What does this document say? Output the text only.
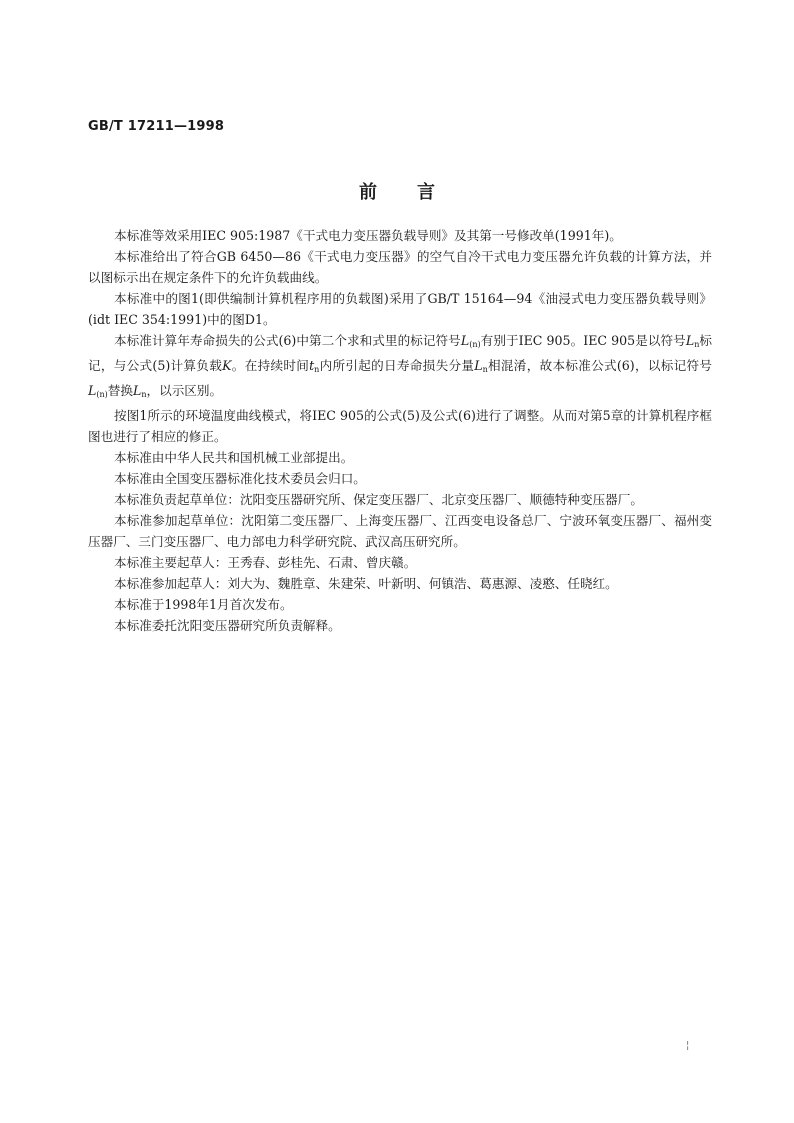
GB/T 17211—1998
前 言

本标准等效采用IEC 905:1987《干式电力变压器负载导则》及其第一号修改单(1991年)。

本标准给出了符合GB 6450—86《干式电力变压器》的空气自冷干式电力变压器允许负载的计算方法，并以图标示出在规定条件下的允许负载曲线。

本标准中的图1(即供编制计算机程序用的负载图)采用了GB/T 15164—94《油浸式电力变压器负载导则》(idt IEC 354:1991)中的图D1。

本标准计算年寿命损失的公式(6)中第二个求和式里的标记符号$L_{(n)}$有别于IEC 905。IEC 905是以符号$L_n$标记，与公式(5)计算负载K。在持续时间$t_n$内所引起的日寿命损失分量$L_n$相混淆，故本标准公式(6)，以标记符号$L_{(n)}$替换$L_n$，以示区别。

按图1所示的环境温度曲线模式，将IEC 905的公式(5)及公式(6)进行了调整。从而对第5章的计算机程序框图也进行了相应的修正。

本标准由中华人民共和国机械工业部提出。

本标准由全国变压器标准化技术委员会归口。

本标准负责起草单位：沈阳变压器研究所、保定变压器厂、北京变压器厂、顺德特种变压器厂。

本标准参加起草单位：沈阳第二变压器厂、上海变压器厂、江西变电设备总厂、宁波环氧变压器厂、福州变压器厂、三门变压器厂、电力部电力科学研究院、武汉高压研究所。

本标准主要起草人：王秀春、彭桂先、石肃、曾庆赣。

本标准参加起草人：刘大为、魏胜章、朱建荣、叶新明、何镇浩、葛惠源、凌憨、任晓红。

本标准于1998年1月首次发布。

本标准委托沈阳变压器研究所负责解释。

¦
